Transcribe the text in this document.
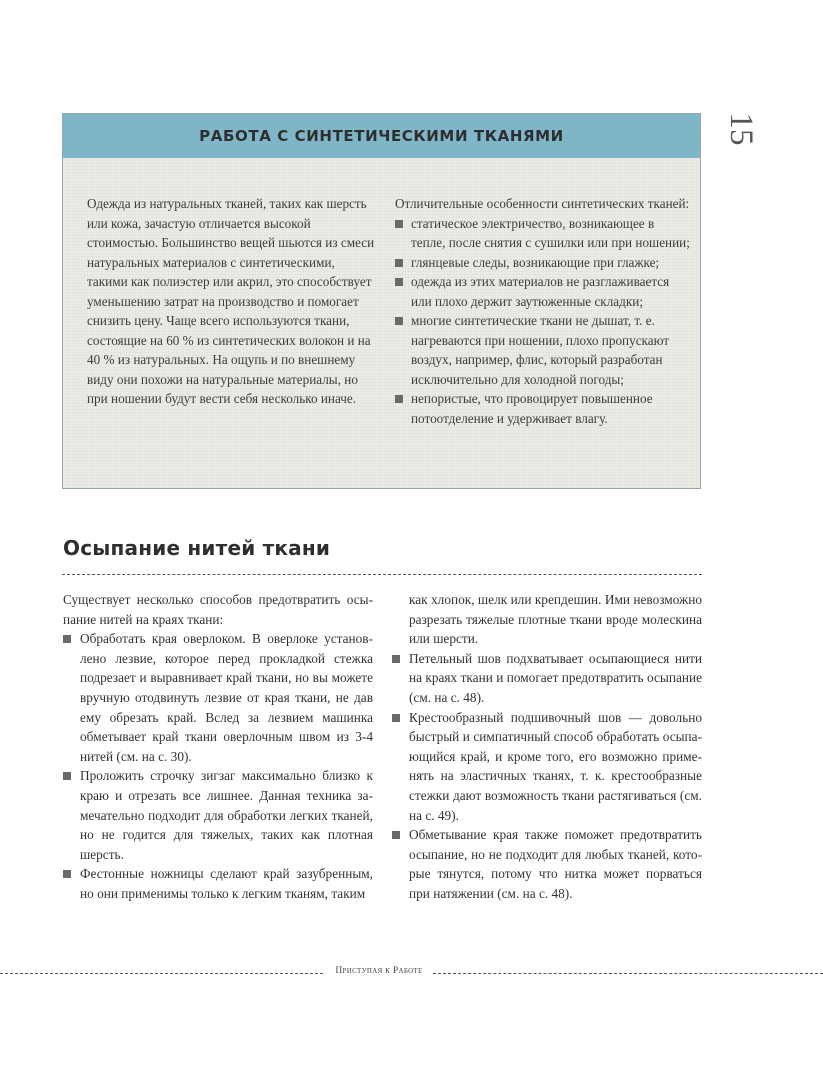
15
РАБОТА С СИНТЕТИЧЕСКИМИ ТКАНЯМИ

Одежда из натуральных тканей, таких как шерсть или кожа, зачастую отличается высокой стоимостью. Большинство вещей шьются из смеси натуральных материалов с синтетическими, такими как полиэстер или акрил, это способствует уменьшению затрат на производство и помогает снизить цену. Чаще всего используются ткани, состоящие на 60 % из синтетических волокон и на 40 % из натуральных. На ощупь и по внешнему виду они похожи на натуральные материалы, но при ношении будут вести себя несколько иначе.

Отличительные особенности синтетических тканей:

статическое электричество, возникающее в тепле, после снятия с сушилки или при ношении;
глянцевые следы, возникающие при глажке;
одежда из этих материалов не разглаживается или плохо держит заутюженные складки;
многие синтетические ткани не дышат, т. е. нагреваются при ношении, плохо пропускают воздух, например, флис, который разработан исключительно для холодной погоды;
непористые, что провоцирует повышенное потоотделение и удерживает влагу.
Осыпание нитей ткани

Существует несколько способов предотвратить осыпание нитей на краях ткани:

Обработать края оверлоком. В оверлоке установлено лезвие, которое перед прокладкой стежка подрезает и выравнивает край ткани, но вы можете вручную отодвинуть лезвие от края ткани, не дав ему обрезать край. Вслед за лезвием машинка обметывает край ткани оверлочным швом из 3-4 нитей (см. на с. 30).
Проложить строчку зигзаг максимально близко к краю и отрезать все лишнее. Данная техника замечательно подходит для обработки легких тканей, но не годится для тяжелых, таких как плотная шерсть.
Фестонные ножницы сделают край зазубренным, но они применимы только к легким тканям, таким

как хлопок, шелк или крепдешин. Ими невозможно разрезать тяжелые плотные ткани вроде молескина или шерсти.

Петельный шов подхватывает осыпающиеся нити на краях ткани и помогает предотвратить осыпание (см. на с. 48).
Крестообразный подшивочный шов — довольно быстрый и симпатичный способ обработать осыпающийся край, и кроме того, его возможно применять на эластичных тканях, т. к. крестообразные стежки дают возможность ткани растягиваться (см. на с. 49).
Обметывание края также поможет предотвратить осыпание, но не подходит для любых тканей, которые тянутся, потому что нитка может порваться при натяжении (см. на с. 48).
Приступая к Работе
